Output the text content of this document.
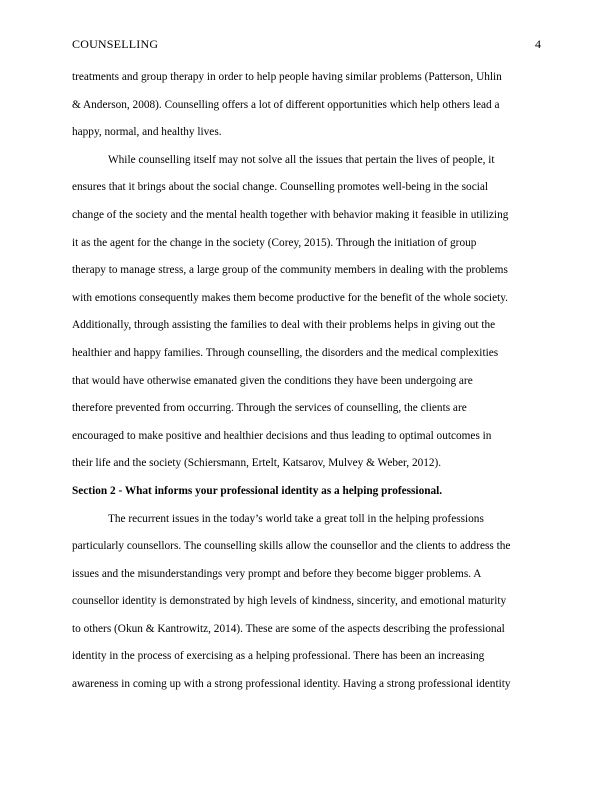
COUNSELLING	4
treatments and group therapy in order to help people having similar problems (Patterson, Uhlin
& Anderson, 2008). Counselling offers a lot of different opportunities which help others lead a
happy, normal, and healthy lives.
While counselling itself may not solve all the issues that pertain the lives of people, it
ensures that it brings about the social change. Counselling promotes well-being in the social
change of the society and the mental health together with behavior making it feasible in utilizing
it as the agent for the change in the society (Corey, 2015). Through the initiation of group
therapy to manage stress, a large group of the community members in dealing with the problems
with emotions consequently makes them become productive for the benefit of the whole society.
Additionally, through assisting the families to deal with their problems helps in giving out the
healthier and happy families. Through counselling, the disorders and the medical complexities
that would have otherwise emanated given the conditions they have been undergoing are
therefore prevented from occurring. Through the services of counselling, the clients are
encouraged to make positive and healthier decisions and thus leading to optimal outcomes in
their life and the society (Schiersmann, Ertelt, Katsarov, Mulvey & Weber, 2012).
Section 2 - What informs your professional identity as a helping professional.
The recurrent issues in the today’s world take a great toll in the helping professions
particularly counsellors. The counselling skills allow the counsellor and the clients to address the
issues and the misunderstandings very prompt and before they become bigger problems. A
counsellor identity is demonstrated by high levels of kindness, sincerity, and emotional maturity
to others (Okun & Kantrowitz, 2014). These are some of the aspects describing the professional
identity in the process of exercising as a helping professional. There has been an increasing
awareness in coming up with a strong professional identity. Having a strong professional identity
